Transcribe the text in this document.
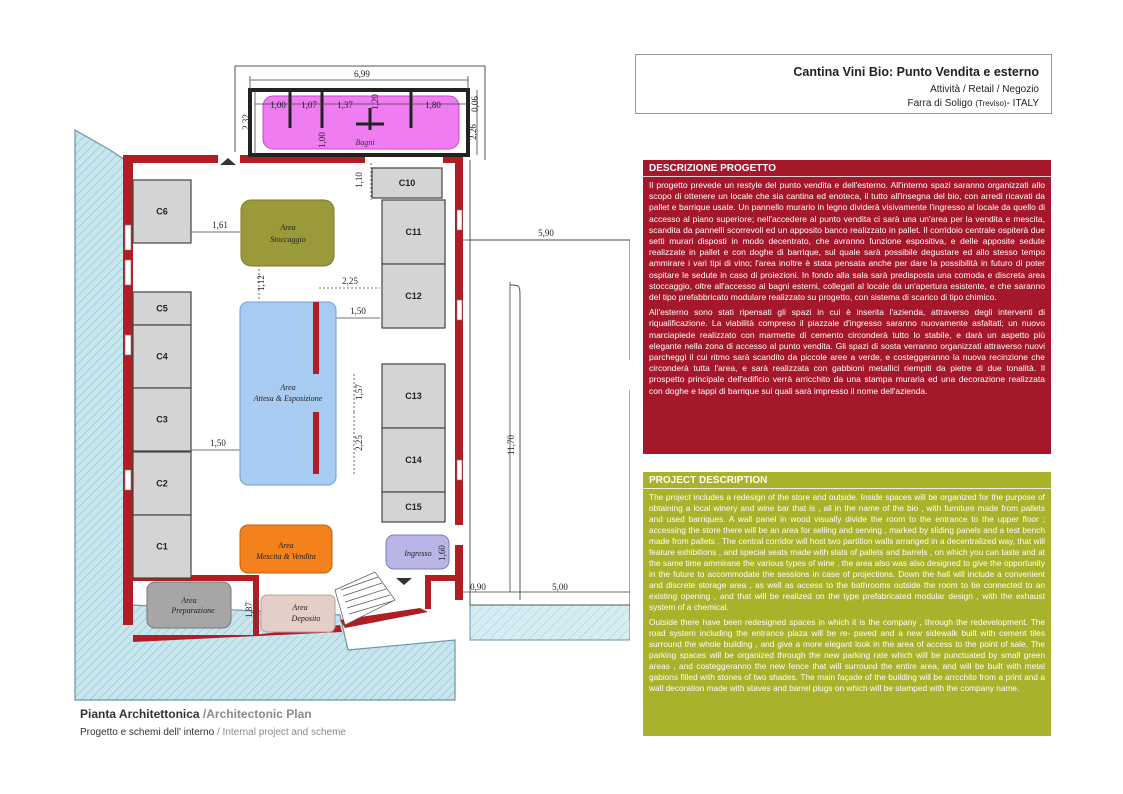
Bagni
C6
C5
C4
C3
C2
C1
C10
C11
C12
C13
C14
C15
Area
Stoccaggio
Area
Attesa & Esposizione
Area
Mescita & Vendita
Area
Preparazione	Area
Deposito
Ingresso
6,99
1,00 1,07 1,37	1,80
1,20
1,00
0,06
2,32
2,26
1,10
1,61
1,12	2,25
1,50
1,57
2,25
1,50
1,60
1,87
5,90
11,70
0,90	5,00
Cantina Vini Bio: Punto Vendita e esterno
Attività / Retail / Negozio
Farra di Soligo (Treviso)- ITALY
DESCRIZIONE PROGETTO

Il progetto prevede un restyle del punto vendita e dell'esterno. All'interno spazi saranno organizzati allo scopo di ottenere un locale che sia cantina ed enoteca, il tutto all'insegna del bio, con arredi ricavati da pallet e barrique usate. Un pannello murario in legno dividerà visivamente l'ingresso al locale da quello di accesso al piano superiore; nell'accedere al punto vendita ci sarà una un'area per la vendita e mescita, scandita da pannelli scorrevoli ed un apposito banco realizzato in pallet. Il corridoio centrale ospiterà due setti murari disposti in modo decentrato, che avranno funzione espositiva, e delle apposite sedute realizzate in pallet e con doghe di barrique, sul quale sarà possibile degustare ed allo stesso tempo ammirare i vari tipi di vino; l'area inoltre è stata pensata anche per dare la possibilità in futuro di poter ospitare le sedute in caso di proiezioni. In fondo alla sala sarà predisposta una comoda e discreta area stoccaggio, oltre all'accesso ai bagni esterni, collegati al locale da un'apertura esistente, e che saranno del tipo prefabbricato modulare realizzato su progetto, con sistema di scarico di tipo chimico.

All'esterno sono stati ripensati gli spazi in cui è inserita l'azienda, attraverso degli interventi di riqualificazione. La viabilità compreso il piazzale d'ingresso saranno nuovamente asfaltati; un nuovo marciapiede realizzato con marmette di cemento circonderà tutto lo stabile, e darà un aspetto più elegante nella zona di accesso al punto vendita. Gli spazi di sosta verranno organizzati attraverso nuovi parcheggi il cui ritmo sarà scandito da piccole aree a verde, e costeggeranno la nuova recinzione che circonderà tutta l'area, e sarà realizzata con gabbioni metallici riempiti da pietre di due tonalità. Il prospetto principale dell'edificio verrà arricchito da una stampa muraria ed una decorazione realizzata con doghe e tappi di barrique sui quali sarà impresso il nome dell'azienda.

PROJECT DESCRIPTION

The project includes a redesign of the store and outside. Inside spaces will be organized for the purpose of obtaining a local winery and wine bar that is , all in the name of the bio , with furniture made from pallets and used barriques. A wall panel in wood visually divide the room to the entrance to the upper floor ; accessing the store there will be an area for selling and serving , marked by sliding panels and a test bench made from pallets . The central corridor will host two partition walls arranged in a decentralized way, that will feature exhibitions , and special seats made with slats of pallets and barrels , on which you can taste and at the same time ammirane the various types of wine , the area also was also designed to give the opportunity in the future to accommodate the sessions in case of projections. Down the hall will include a convenient and discrete storage area , as well as access to the bathrooms outside the room to be connected to an existing opening , and that will be realized on the type prefabricated modular design , with the exhaust system of a chemical.

Outside there have been redesigned spaces in which it is the company , through the redevelopment. The road system including the entrance plaza will be re- paved and a new sidewalk built with cement tiles surround the whole building , and give a more elegant look in the area of access to the point of sale. The parking spaces will be organized through the new parking rate which will be punctuated by small green areas , and costeggeranno the new fence that will surround the entire area, and will be built with metal gabions filled with stones of two shades. The main façade of the building will be arrcchito from a print and a wall decoration made with staves and barrel plugs on which will be stamped with the company name.

Pianta Architettonica /Architectonic Plan
Progetto e schemi dell' interno / Internal project and scheme
